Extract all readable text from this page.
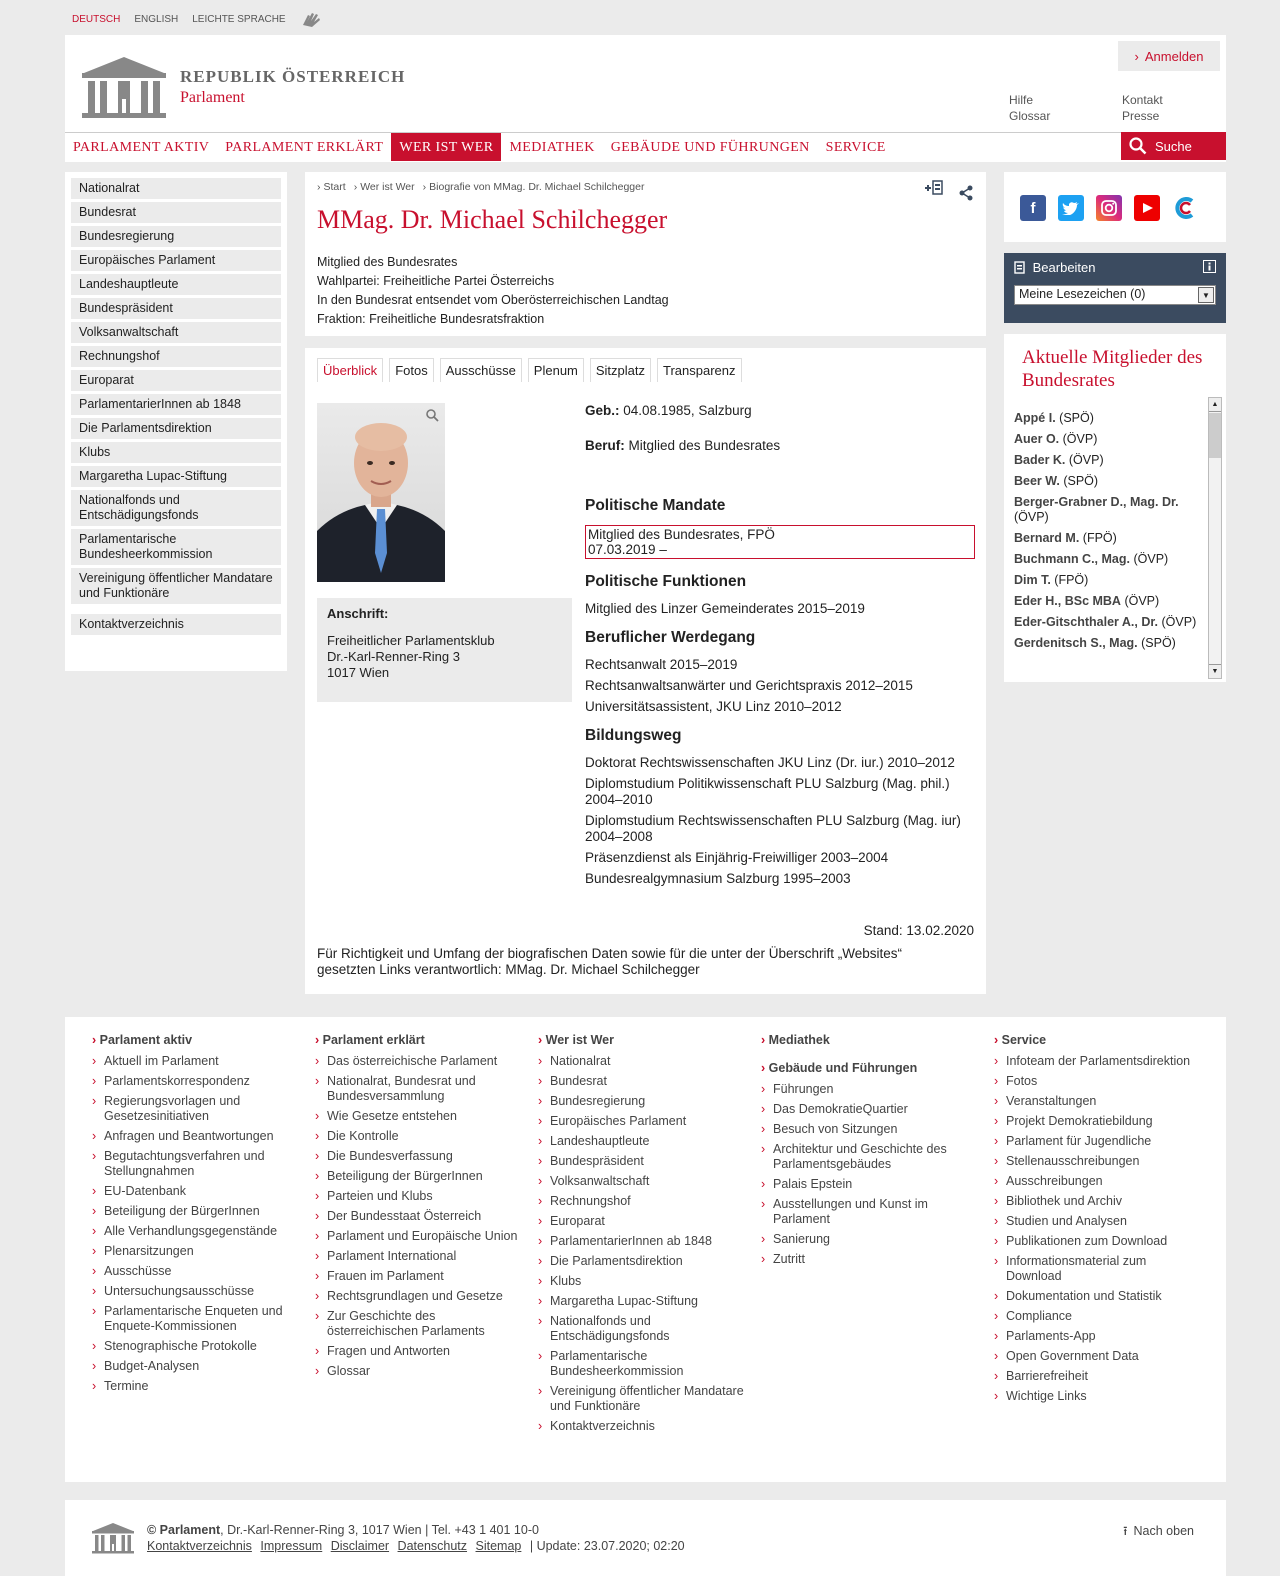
DEUTSCH ENGLISH LEICHTE SPRACHE
REPUBLIK ÖSTERREICH
Parlament
› Anmelden
Hilfe	Kontakt
Glossar	Presse
PARLAMENT AKTIV	PARLAMENT ERKLÄRT	WER IST WER	MEDIATHEK	GEBÄUDE UND FÜHRUNGEN	SERVICE	Suche
Nationalrat
Bundesrat
Bundesregierung
Europäisches Parlament
Landeshauptleute
Bundespräsident
Volksanwaltschaft
Rechnungshof
Europarat
ParlamentarierInnen ab 1848
Die Parlamentsdirektion
Klubs
Margaretha Lupac-Stiftung
Nationalfonds und Entschädigungsfonds
Parlamentarische Bundesheerkommission
Vereinigung öffentlicher Mandatare und Funktionäre
Kontaktverzeichnis
› Start	› Wer ist Wer	› Biografie von MMag. Dr. Michael Schilchegger
MMag. Dr. Michael Schilchegger
Mitglied des Bundesrates
Wahlpartei: Freiheitliche Partei Österreichs
In den Bundesrat entsendet vom Oberösterreichischen Landtag
Fraktion: Freiheitliche Bundesratsfraktion
Überblick	Fotos	Ausschüsse	Plenum	Sitzplatz	Transparenz
Anschrift:
Freiheitlicher Parlamentsklub
Dr.-Karl-Renner-Ring 3
1017 Wien
Geb.: 04.08.1985, Salzburg
Beruf: Mitglied des Bundesrates
Politische Mandate
Mitglied des Bundesrates, FPÖ
07.03.2019 –
Politische Funktionen
Mitglied des Linzer Gemeinderates 2015–2019
Beruflicher Werdegang
Rechtsanwalt 2015–2019
Rechtsanwaltsanwärter und Gerichtspraxis 2012–2015
Universitätsassistent, JKU Linz 2010–2012
Bildungsweg
Doktorat Rechtswissenschaften JKU Linz (Dr. iur.) 2010–2012
Diplomstudium Politikwissenschaft PLU Salzburg (Mag. phil.) 2004–2010
Diplomstudium Rechtswissenschaften PLU Salzburg (Mag. iur) 2004–2008
Präsenzdienst als Einjährig-Freiwilliger 2003–2004
Bundesrealgymnasium Salzburg 1995–2003
Stand: 13.02.2020
Für Richtigkeit und Umfang der biografischen Daten sowie für die unter der Überschrift „Websites“ gesetzten Links verantwortlich: MMag. Dr. Michael Schilchegger
f
Bearbeiten
Meine Lesezeichen (0)	▼
Aktuelle Mitglieder des Bundesrates
Appé I. (SPÖ)
Auer O. (ÖVP)
Bader K. (ÖVP)
Beer W. (SPÖ)
Berger-Grabner D., Mag. Dr. (ÖVP)
Bernard M. (FPÖ)
Buchmann C., Mag. (ÖVP)
Dim T. (FPÖ)
Eder H., BSc MBA (ÖVP)
Eder-Gitschthaler A., Dr. (ÖVP)
Gerdenitsch S., Mag. (SPÖ)
▲
▼
› Parlament aktiv
› Aktuell im Parlament
› Parlamentskorrespondenz
› Regierungsvorlagen und Gesetzesinitiativen
› Anfragen und Beantwortungen
› Begutachtungsverfahren und Stellungnahmen
› EU-Datenbank
› Beteiligung der BürgerInnen
› Alle Verhandlungsgegenstände
› Plenarsitzungen
› Ausschüsse
› Untersuchungsausschüsse
› Parlamentarische Enqueten und Enquete-Kommissionen
› Stenographische Protokolle
› Budget-Analysen
› Termine
› Parlament erklärt
› Das österreichische Parlament
› Nationalrat, Bundesrat und Bundesversammlung
› Wie Gesetze entstehen
› Die Kontrolle
› Die Bundesverfassung
› Beteiligung der BürgerInnen
› Parteien und Klubs
› Der Bundesstaat Österreich
› Parlament und Europäische Union
› Parlament International
› Frauen im Parlament
› Rechtsgrundlagen und Gesetze
› Zur Geschichte des österreichischen Parlaments
› Fragen und Antworten
› Glossar
› Wer ist Wer
› Nationalrat
› Bundesrat
› Bundesregierung
› Europäisches Parlament
› Landeshauptleute
› Bundespräsident
› Volksanwaltschaft
› Rechnungshof
› Europarat
› ParlamentarierInnen ab 1848
› Die Parlamentsdirektion
› Klubs
› Margaretha Lupac-Stiftung
› Nationalfonds und Entschädigungsfonds
› Parlamentarische Bundesheerkommission
› Vereinigung öffentlicher Mandatare und Funktionäre
› Kontaktverzeichnis
› Mediathek
› Gebäude und Führungen
› Führungen
› Das DemokratieQuartier
› Besuch von Sitzungen
› Architektur und Geschichte des Parlamentsgebäudes
› Palais Epstein
› Ausstellungen und Kunst im Parlament
› Sanierung
› Zutritt
› Service
› Infoteam der Parlamentsdirektion
› Fotos
› Veranstaltungen
› Projekt Demokratiebildung
› Parlament für Jugendliche
› Stellenausschreibungen
› Ausschreibungen
› Bibliothek und Archiv
› Studien und Analysen
› Publikationen zum Download
› Informationsmaterial zum Download
› Dokumentation und Statistik
› Compliance
› Parlaments-App
› Open Government Data
› Barrierefreiheit
› Wichtige Links
© Parlament, Dr.-Karl-Renner-Ring 3, 1017 Wien | Tel. +43 1 401 10-0
Kontaktverzeichnis Impressum Disclaimer Datenschutz Sitemap | Update: 23.07.2020; 02:20
⭱ Nach oben
